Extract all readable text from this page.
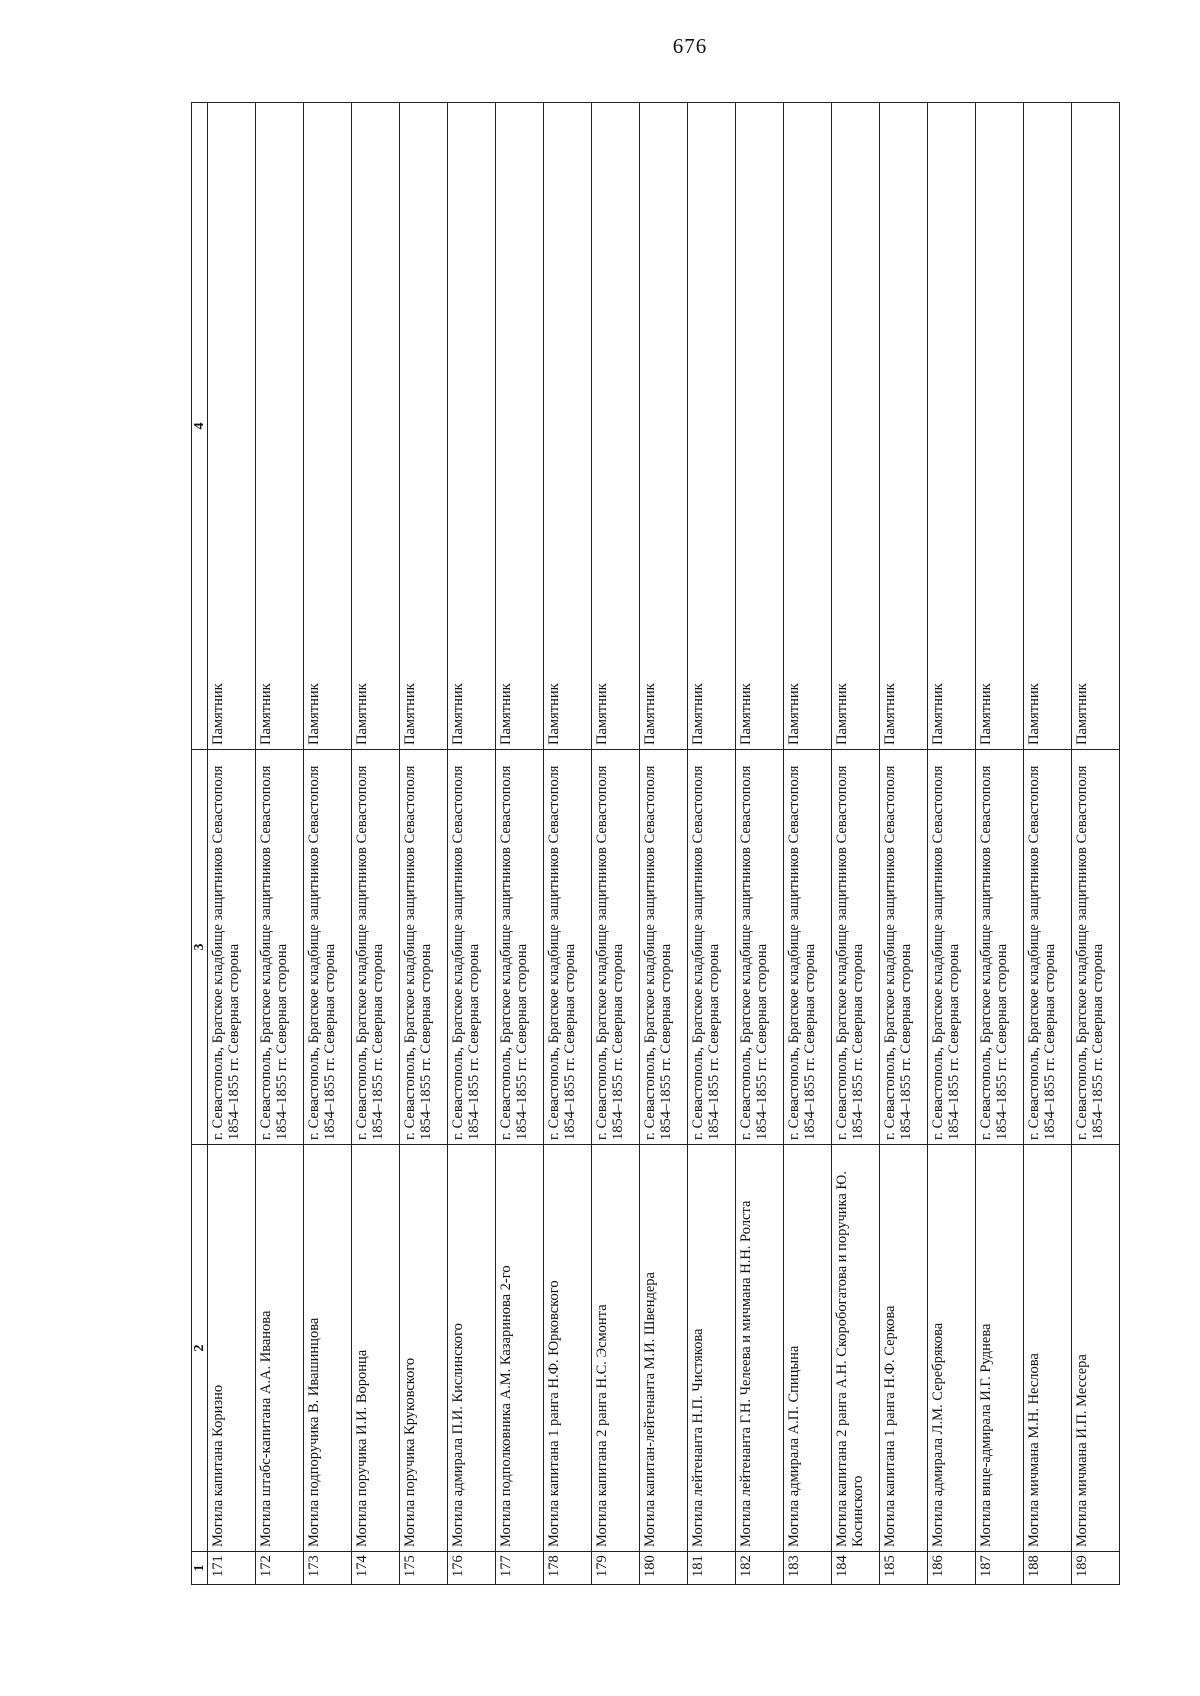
676
1	2	3	4
171	Могила капитана Коризно	г. Севастополь, Братское кладбище защитников Севастополя 1854–1855 гг. Северная сторона	Памятник
172	Могила штабс-капитана А.А. Иванова	г. Севастополь, Братское кладбище защитников Севастополя 1854–1855 гг. Северная сторона	Памятник
173	Могила подпоручика В. Ивашинцова	г. Севастополь, Братское кладбище защитников Севастополя 1854–1855 гг. Северная сторона	Памятник
174	Могила поручика И.И. Воронца	г. Севастополь, Братское кладбище защитников Севастополя 1854–1855 гг. Северная сторона	Памятник
175	Могила поручика Круковского	г. Севастополь, Братское кладбище защитников Севастополя 1854–1855 гг. Северная сторона	Памятник
176	Могила адмирала П.И. Кислинского	г. Севастополь, Братское кладбище защитников Севастополя 1854–1855 гг. Северная сторона	Памятник
177	Могила подполковника А.М. Казаринова 2-го	г. Севастополь, Братское кладбище защитников Севастополя 1854–1855 гг. Северная сторона	Памятник
178	Могила капитана 1 ранга Н.Ф. Юрковского	г. Севастополь, Братское кладбище защитников Севастополя 1854–1855 гг. Северная сторона	Памятник
179	Могила капитана 2 ранга Н.С. Эсмонта	г. Севастополь, Братское кладбище защитников Севастополя 1854–1855 гг. Северная сторона	Памятник
180	Могила капитан-лейтенанта М.И. Швендера	г. Севастополь, Братское кладбище защитников Севастополя 1854–1855 гг. Северная сторона	Памятник
181	Могила лейтенанта Н.П. Чистякова	г. Севастополь, Братское кладбище защитников Севастополя 1854–1855 гг. Северная сторона	Памятник
182	Могила лейтенанта Г.Н. Челеева и мичмана Н.Н. Ролста	г. Севастополь, Братское кладбище защитников Севастополя 1854–1855 гг. Северная сторона	Памятник
183	Могила адмирала А.П. Спицына	г. Севастополь, Братское кладбище защитников Севастополя 1854–1855 гг. Северная сторона	Памятник
184	Могила капитана 2 ранга А.Н. Скоробогатова и поручика Ю. Косинского	г. Севастополь, Братское кладбище защитников Севастополя 1854–1855 гг. Северная сторона	Памятник
185	Могила капитана 1 ранга Н.Ф. Серкова	г. Севастополь, Братское кладбище защитников Севастополя 1854–1855 гг. Северная сторона	Памятник
186	Могила адмирала Л.М. Серебрякова	г. Севастополь, Братское кладбище защитников Севастополя 1854–1855 гг. Северная сторона	Памятник
187	Могила вице-адмирала И.Г. Руднева	г. Севастополь, Братское кладбище защитников Севастополя 1854–1855 гг. Северная сторона	Памятник
188	Могила мичмана М.Н. Неслова	г. Севастополь, Братское кладбище защитников Севастополя 1854–1855 гг. Северная сторона	Памятник
189	Могила мичмана И.П. Мессера	г. Севастополь, Братское кладбище защитников Севастополя 1854–1855 гг. Северная сторона	Памятник
